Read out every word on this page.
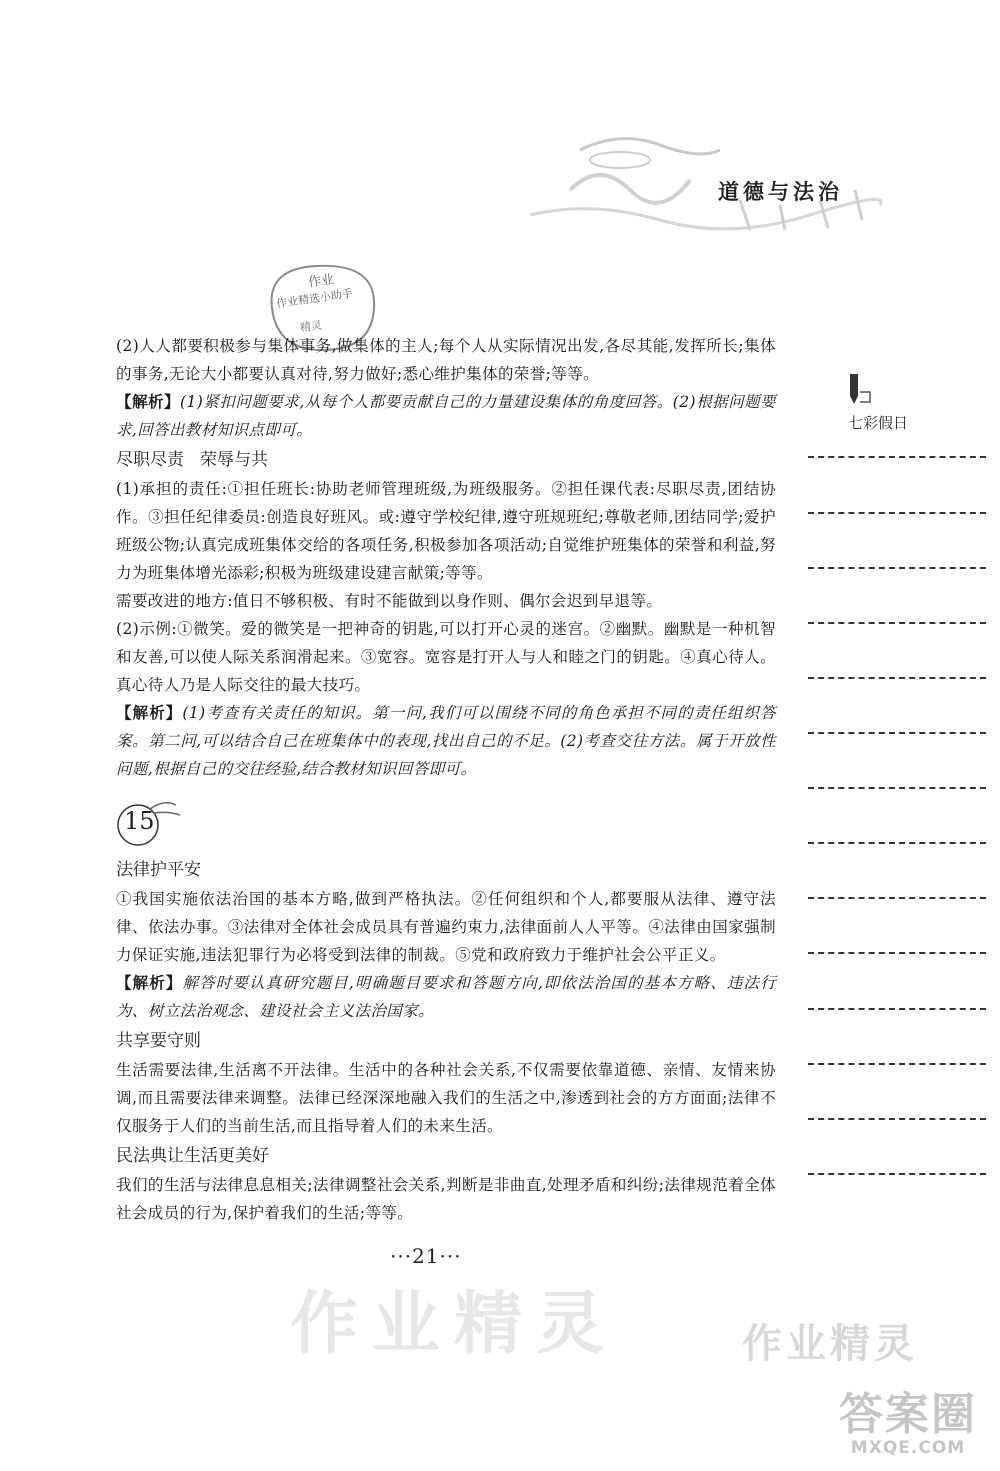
道德与法治
作业
作业精选小助手
精灵

(2)人人都要积极参与集体事务,做集体的主人;每个人从实际情况出发,各尽其能,发挥所长;集体的事务,无论大小都要认真对待,努力做好;悉心维护集体的荣誉;等等。

【解析】(1)紧扣问题要求,从每个人都要贡献自己的力量建设集体的角度回答。(2)根据问题要求,回答出教材知识点即可。

尽职尽责 荣辱与共

(1)承担的责任:①担任班长:协助老师管理班级,为班级服务。②担任课代表:尽职尽责,团结协作。③担任纪律委员:创造良好班风。或:遵守学校纪律,遵守班规班纪;尊敬老师,团结同学;爱护班级公物;认真完成班集体交给的各项任务,积极参加各项活动;自觉维护班集体的荣誉和利益,努力为班集体增光添彩;积极为班级建设建言献策;等等。

需要改进的地方:值日不够积极、有时不能做到以身作则、偶尔会迟到早退等。

(2)示例:①微笑。爱的微笑是一把神奇的钥匙,可以打开心灵的迷宫。②幽默。幽默是一种机智和友善,可以使人际关系润滑起来。③宽容。宽容是打开人与人和睦之门的钥匙。④真心待人。真心待人乃是人际交往的最大技巧。

【解析】(1)考查有关责任的知识。第一问,我们可以围绕不同的角色承担不同的责任组织答案。第二问,可以结合自己在班集体中的表现,找出自己的不足。(2)考查交往方法。属于开放性问题,根据自己的交往经验,结合教材知识回答即可。

15
法律护平安

①我国实施依法治国的基本方略,做到严格执法。②任何组织和个人,都要服从法律、遵守法律、依法办事。③法律对全体社会成员具有普遍约束力,法律面前人人平等。④法律由国家强制力保证实施,违法犯罪行为必将受到法律的制裁。⑤党和政府致力于维护社会公平正义。

【解析】解答时要认真研究题目,明确题目要求和答题方向,即依法治国的基本方略、违法行为、树立法治观念、建设社会主义法治国家。

共享要守则

生活需要法律,生活离不开法律。生活中的各种社会关系,不仅需要依靠道德、亲情、友情来协调,而且需要法律来调整。法律已经深深地融入我们的生活之中,渗透到社会的方方面面;法律不仅服务于人们的当前生活,而且指导着人们的未来生活。

民法典让生活更美好

我们的生活与法律息息相关;法律调整社会关系,判断是非曲直,处理矛盾和纠纷;法律规范着全体社会成员的行为,保护着我们的生活;等等。

七彩假日
作业精灵	作业精灵
···21···
答案圈
MXQE.COM
